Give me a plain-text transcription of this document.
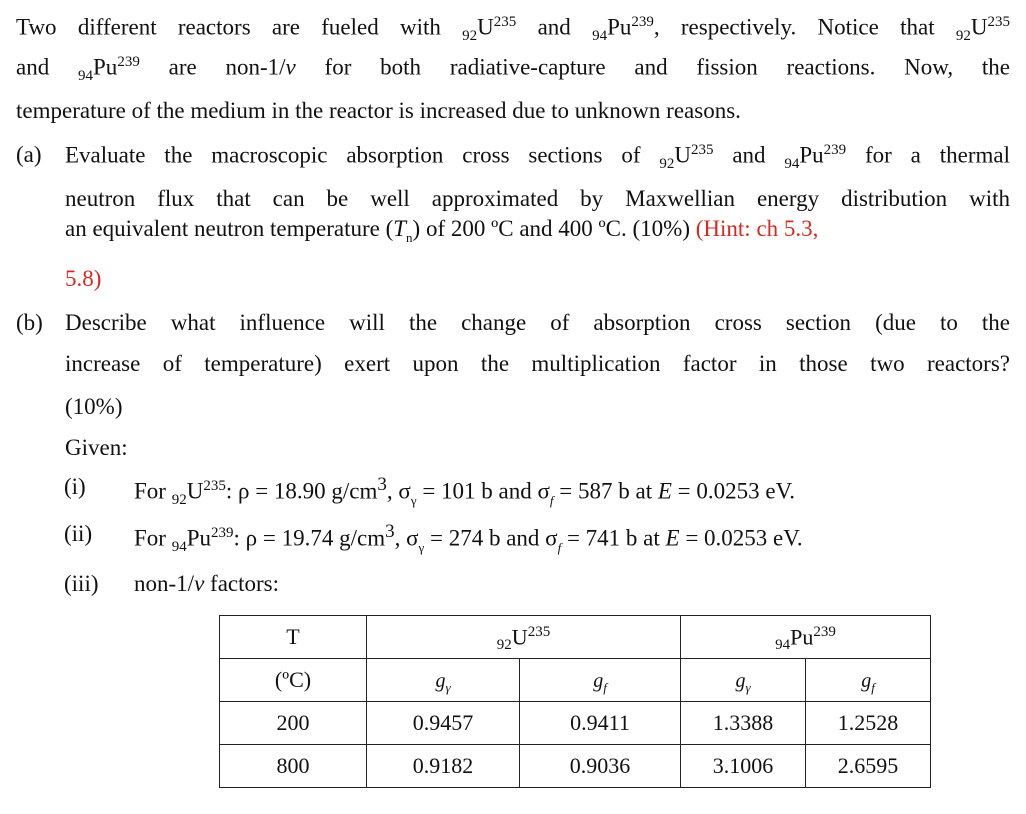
Two different reactors are fueled with $_{92}U^{235}$ and $_{94}Pu^{239}$, respectively. Notice that $_{92}U^{235}$
and $_{94}Pu^{239}$ are non-1/ν for both radiative-capture and fission reactions. Now, the
temperature of the medium in the reactor is increased due to unknown reasons.
(a) Evaluate the macroscopic absorption cross sections of $_{92}U^{235}$ and $_{94}Pu^{239}$ for a thermal
neutron flux that can be well approximated by Maxwellian energy distribution with
an equivalent neutron temperature $(T_n)$ of 200 ºC and 400 ºC. (10%) (Hint: ch 5.3,
5.8)
(b) Describe what influence will the change of absorption cross section (due to the
increase of temperature) exert upon the multiplication factor in those two reactors?
(10%)
Given:
(i) For $_{92}U^{235}$: ρ = 18.90 $g/cm^3$, $\sigma_\gamma = 101$ b and $\sigma_f = 587$ b at E = 0.0253 eV.
(ii) For $_{94}Pu^{239}$: ρ = 19.74 $g/cm^3$, $\sigma_\gamma = 274$ b and $\sigma_f = 741$ b at E = 0.0253 eV.
(iii) non-1/ν factors:
T	$_{92}U^{235}$		$_{94}Pu^{239}$
(ºC)	$g_\gamma$	$g_f$	$g_\gamma$	$g_f$
200	0.9457	0.9411	1.3388	1.2528
800	0.9182	0.9036	3.1006	2.6595
